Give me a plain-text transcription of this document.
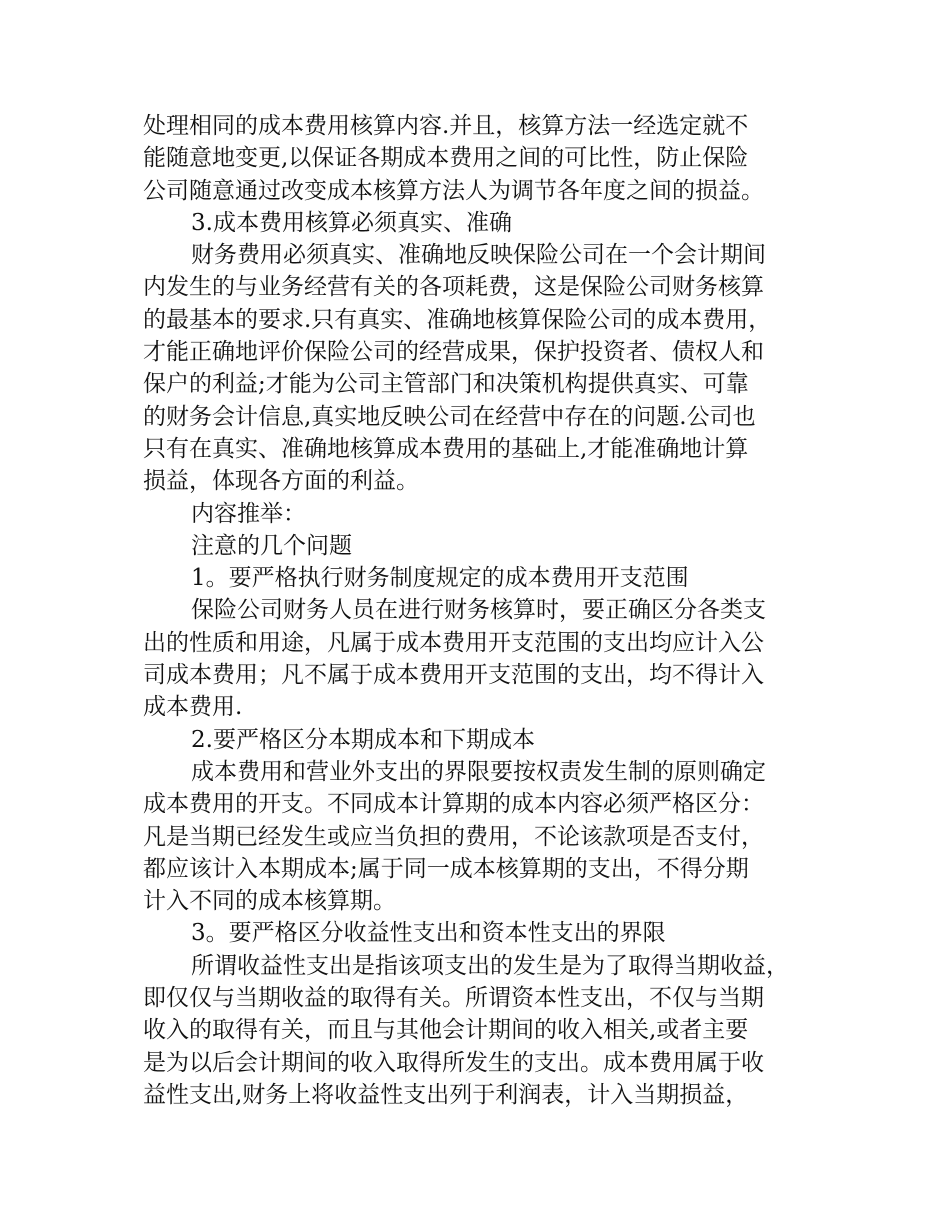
处理相同的成本费用核算内容.并且，核算方法一经选定就不
能随意地变更,以保证各期成本费用之间的可比性，防止保险
公司随意通过改变成本核算方法人为调节各年度之间的损益。
3.成本费用核算必须真实、准确
财务费用必须真实、准确地反映保险公司在一个会计期间
内发生的与业务经营有关的各项耗费，这是保险公司财务核算
的最基本的要求.只有真实、准确地核算保险公司的成本费用，
才能正确地评价保险公司的经营成果，保护投资者、债权人和
保户的利益;才能为公司主管部门和决策机构提供真实、可靠
的财务会计信息,真实地反映公司在经营中存在的问题.公司也
只有在真实、准确地核算成本费用的基础上,才能准确地计算
损益，体现各方面的利益。
内容推举：
注意的几个问题
1。要严格执行财务制度规定的成本费用开支范围
保险公司财务人员在进行财务核算时，要正确区分各类支
出的性质和用途，凡属于成本费用开支范围的支出均应计入公
司成本费用；凡不属于成本费用开支范围的支出，均不得计入
成本费用.
2.要严格区分本期成本和下期成本
成本费用和营业外支出的界限要按权责发生制的原则确定
成本费用的开支。不同成本计算期的成本内容必须严格区分：
凡是当期已经发生或应当负担的费用，不论该款项是否支付，
都应该计入本期成本;属于同一成本核算期的支出，不得分期
计入不同的成本核算期。
3。要严格区分收益性支出和资本性支出的界限
所谓收益性支出是指该项支出的发生是为了取得当期收益，
即仅仅与当期收益的取得有关。所谓资本性支出，不仅与当期
收入的取得有关，而且与其他会计期间的收入相关,或者主要
是为以后会计期间的收入取得所发生的支出。成本费用属于收
益性支出,财务上将收益性支出列于利润表，计入当期损益，
